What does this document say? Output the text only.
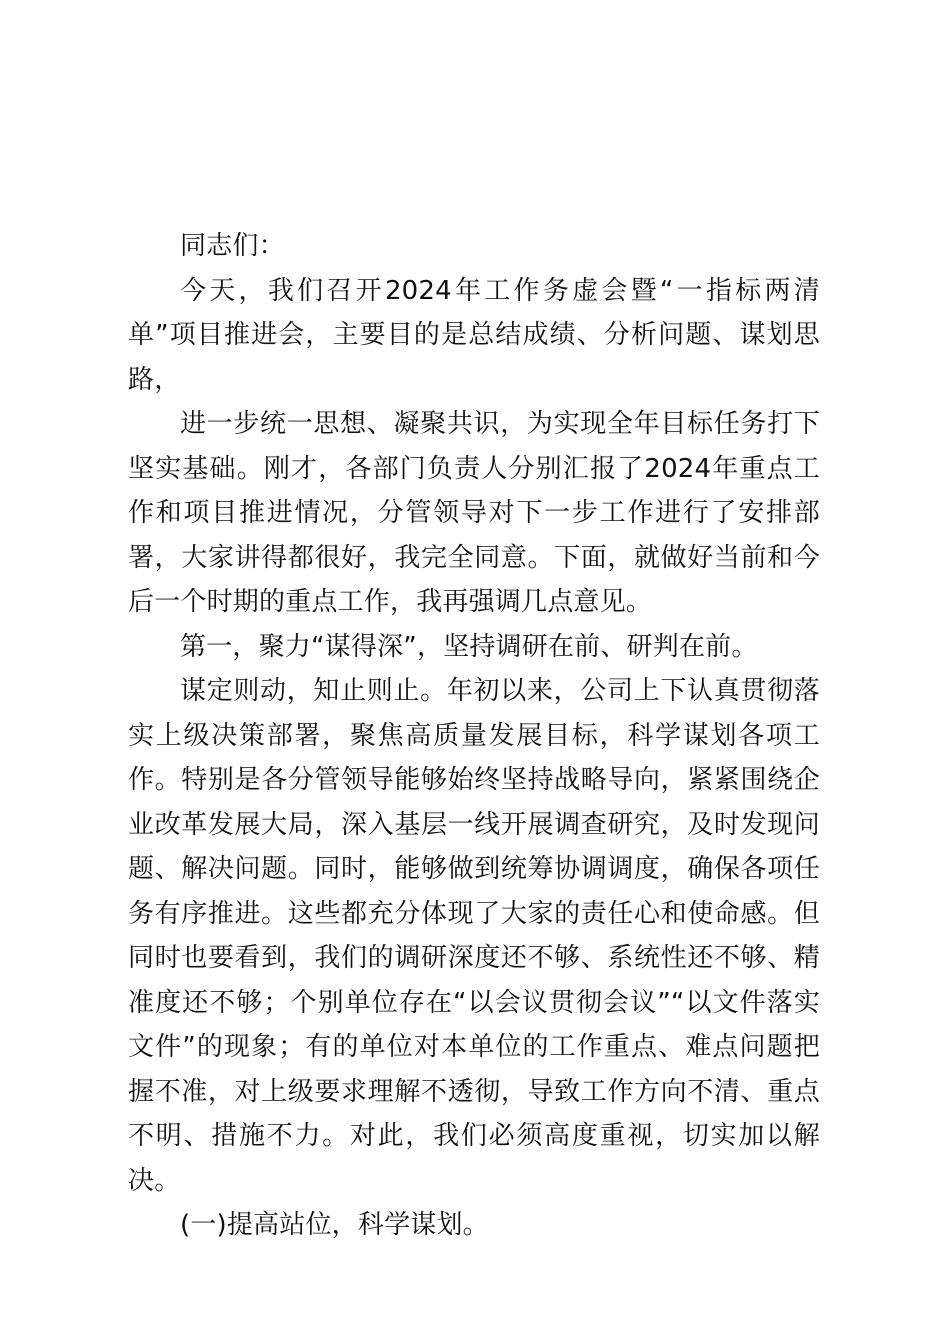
同志们：

今天，我们召开2024年工作务虚会暨“一指标两清单”项目推进会，主要目的是总结成绩、分析问题、谋划思路，

进一步统一思想、凝聚共识，为实现全年目标任务打下坚实基础。刚才，各部门负责人分别汇报了2024年重点工作和项目推进情况，分管领导对下一步工作进行了安排部署，大家讲得都很好，我完全同意。下面，就做好当前和今后一个时期的重点工作，我再强调几点意见。

第一，聚力“谋得深”，坚持调研在前、研判在前。

谋定则动，知止则止。年初以来，公司上下认真贯彻落实上级决策部署，聚焦高质量发展目标，科学谋划各项工作。特别是各分管领导能够始终坚持战略导向，紧紧围绕企业改革发展大局，深入基层一线开展调查研究，及时发现问题、解决问题。同时，能够做到统筹协调调度，确保各项任务有序推进。这些都充分体现了大家的责任心和使命感。但同时也要看到，我们的调研深度还不够、系统性还不够、精准度还不够；个别单位存在“以会议贯彻会议”“以文件落实文件”的现象；有的单位对本单位的工作重点、难点问题把握不准，对上级要求理解不透彻，导致工作方向不清、重点不明、措施不力。对此，我们必须高度重视，切实加以解决。

(一)提高站位，科学谋划。
